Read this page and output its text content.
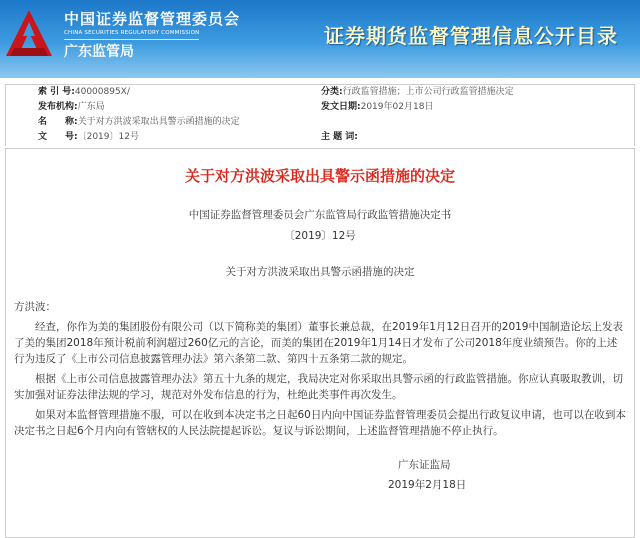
中国证券监督管理委员会
CHINA SECURITIES REGULATORY COMMISSION
广东监管局
证券期货监督管理信息公开目录
索 引 号:40000895X/	分类:行政监管措施；上市公司行政监管措施决定
发布机构:广东局	发文日期:2019年02月18日
名　　称:关于对方洪波采取出具警示函措施的决定
文　　号:〔2019〕12号	主 题 词:
关于对方洪波采取出具警示函措施的决定
中国证券监督管理委员会广东监管局行政监管措施决定书
〔2019〕12号
关于对方洪波采取出具警示函措施的决定

方洪波：

经查，你作为美的集团股份有限公司（以下简称美的集团）董事长兼总裁，在2019年1月12日召开的2019中国制造论坛上发表了美的集团2018年预计税前利润超过260亿元的言论，而美的集团在2019年1月14日才发布了公司2018年度业绩预告。你的上述行为违反了《上市公司信息披露管理办法》第六条第二款、第四十五条第二款的规定。

根据《上市公司信息披露管理办法》第五十九条的规定，我局决定对你采取出具警示函的行政监管措施。你应认真吸取教训，切实加强对证券法律法规的学习，规范对外发布信息的行为，杜绝此类事件再次发生。

如果对本监督管理措施不服，可以在收到本决定书之日起60日内向中国证券监督管理委员会提出行政复议申请，也可以在收到本决定书之日起6个月内向有管辖权的人民法院提起诉讼。复议与诉讼期间，上述监督管理措施不停止执行。

广东证监局
2019年2月18日
